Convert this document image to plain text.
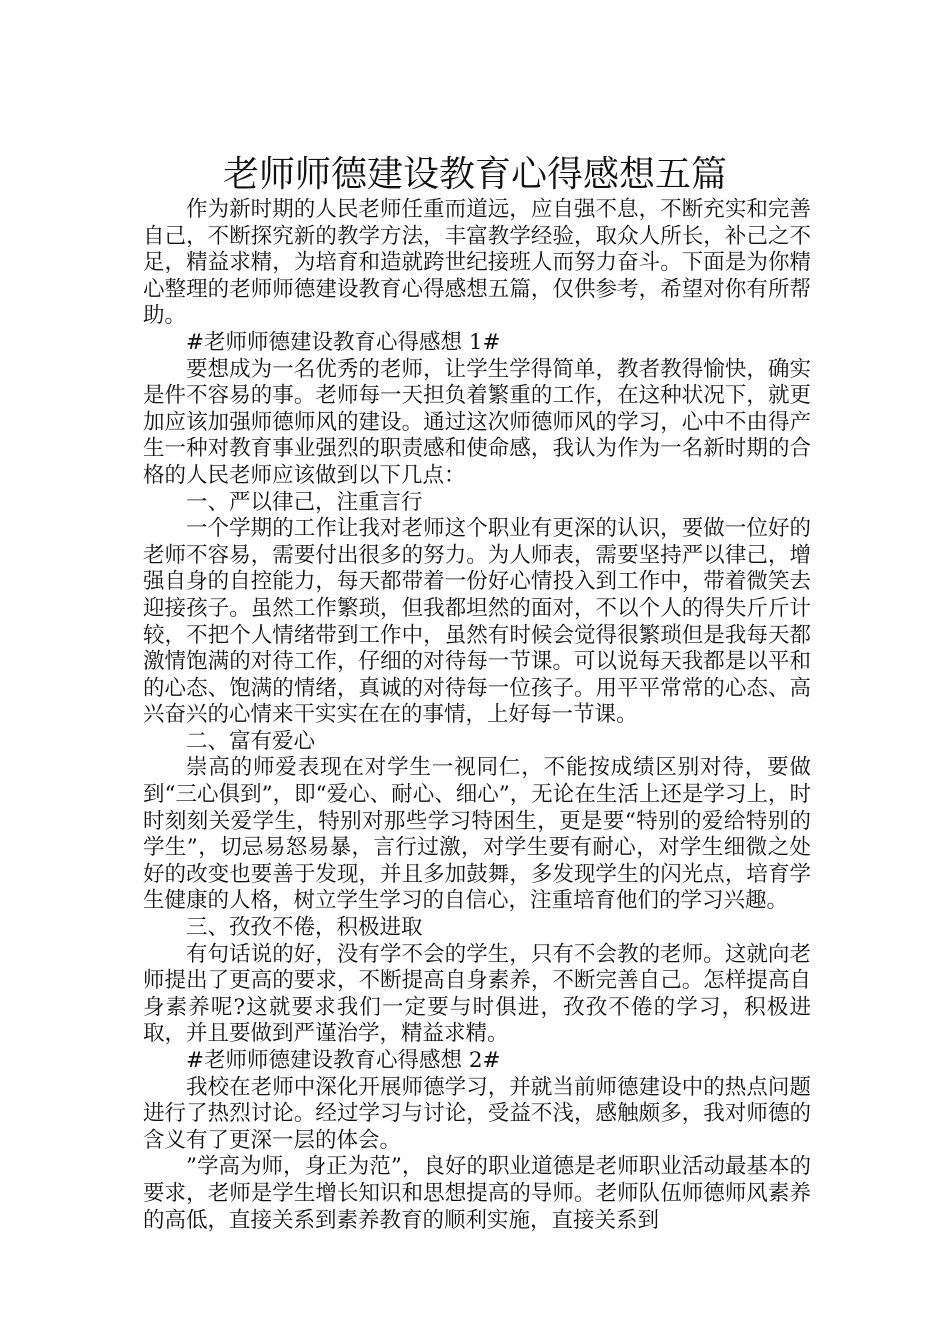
老师师德建设教育心得感想五篇

作为新时期的人民老师任重而道远，应自强不息，不断充实和完善自己，不断探究新的教学方法，丰富教学经验，取众人所长，补己之不足，精益求精，为培育和造就跨世纪接班人而努力奋斗。下面是为你精心整理的老师师德建设教育心得感想五篇，仅供参考，希望对你有所帮助。

#老师师德建设教育心得感想 1#

要想成为一名优秀的老师，让学生学得简单，教者教得愉快，确实是件不容易的事。老师每一天担负着繁重的工作，在这种状况下，就更加应该加强师德师风的建设。通过这次师德师风的学习，心中不由得产生一种对教育事业强烈的职责感和使命感，我认为作为一名新时期的合格的人民老师应该做到以下几点：

一、严以律己，注重言行

一个学期的工作让我对老师这个职业有更深的认识，要做一位好的老师不容易，需要付出很多的努力。为人师表，需要坚持严以律己，增强自身的自控能力，每天都带着一份好心情投入到工作中，带着微笑去迎接孩子。虽然工作繁琐，但我都坦然的面对，不以个人的得失斤斤计较，不把个人情绪带到工作中，虽然有时候会觉得很繁琐但是我每天都激情饱满的对待工作，仔细的对待每一节课。可以说每天我都是以平和的心态、饱满的情绪，真诚的对待每一位孩子。用平平常常的心态、高兴奋兴的心情来干实实在在的事情，上好每一节课。

二、富有爱心

崇高的师爱表现在对学生一视同仁，不能按成绩区别对待，要做到“三心俱到”，即“爱心、耐心、细心”，无论在生活上还是学习上，时时刻刻关爱学生，特别对那些学习特困生，更是要“特别的爱给特别的学生”，切忌易怒易暴，言行过激，对学生要有耐心，对学生细微之处好的改变也要善于发现，并且多加鼓舞，多发现学生的闪光点，培育学生健康的人格，树立学生学习的自信心，注重培育他们的学习兴趣。

三、孜孜不倦，积极进取

有句话说的好，没有学不会的学生，只有不会教的老师。这就向老师提出了更高的要求，不断提高自身素养，不断完善自己。怎样提高自身素养呢?这就要求我们一定要与时俱进，孜孜不倦的学习，积极进取，并且要做到严谨治学，精益求精。

#老师师德建设教育心得感想 2#

我校在老师中深化开展师德学习，并就当前师德建设中的热点问题进行了热烈讨论。经过学习与讨论，受益不浅，感触颇多，我对师德的含义有了更深一层的体会。

”学高为师，身正为范”，良好的职业道德是老师职业活动最基本的要求，老师是学生增长知识和思想提高的导师。老师队伍师德师风素养的高低，直接关系到素养教育的顺利实施，直接关系到
